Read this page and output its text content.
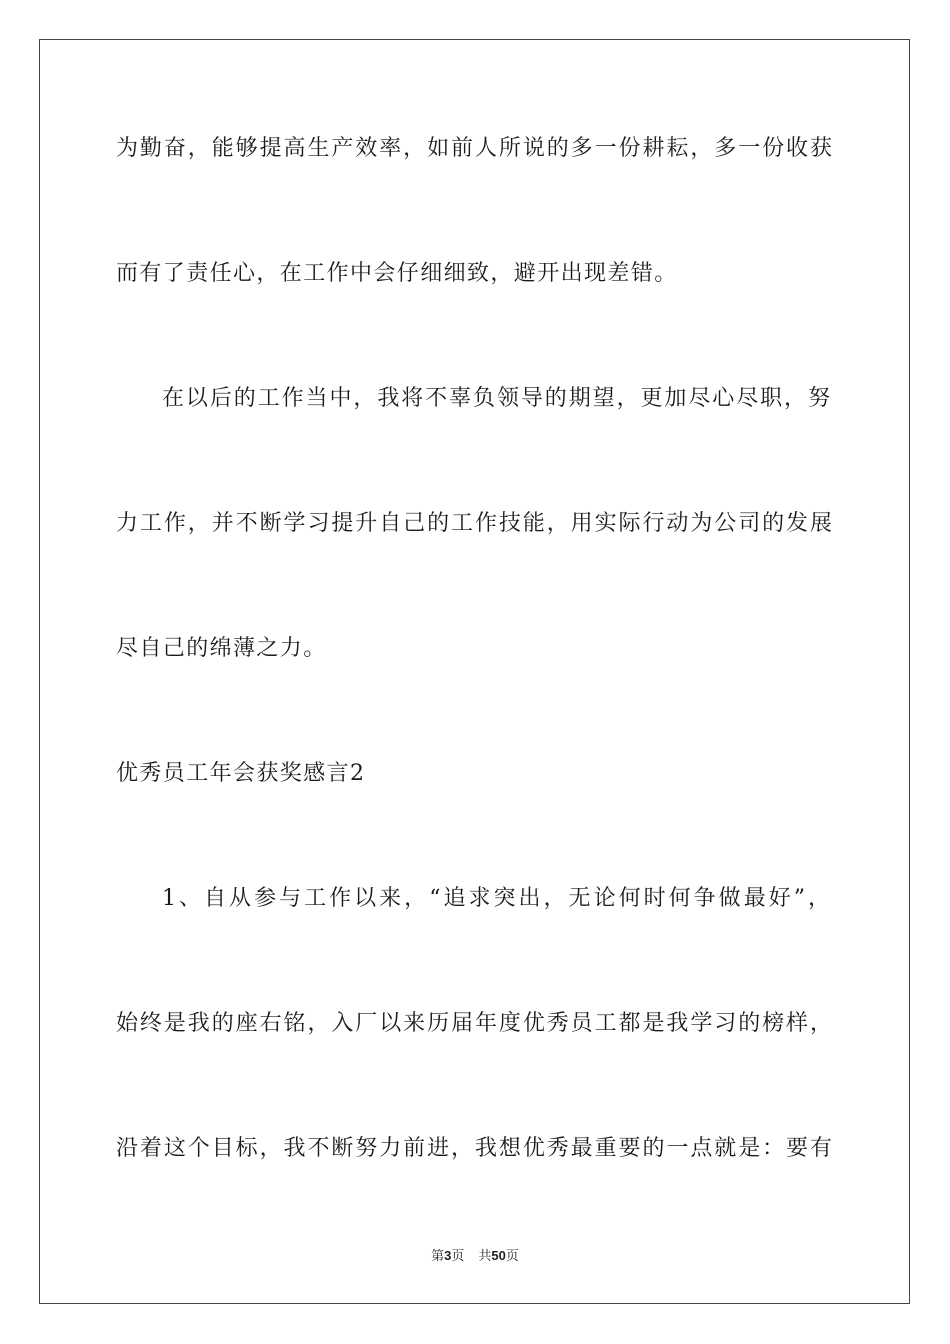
为勤奋，能够提高生产效率，如前人所说的多一份耕耘，多一份收获
而有了责任心，在工作中会仔细细致，避开出现差错。
在以后的工作当中，我将不辜负领导的期望，更加尽心尽职，努
力工作，并不断学习提升自己的工作技能，用实际行动为公司的发展
尽自己的绵薄之力。
优秀员工年会获奖感言2
1、自从参与工作以来，“追求突出，无论何时何争做最好”，
始终是我的座右铭，入厂以来历届年度优秀员工都是我学习的榜样，
沿着这个目标，我不断努力前进，我想优秀最重要的一点就是：要有
第3页 共50页
